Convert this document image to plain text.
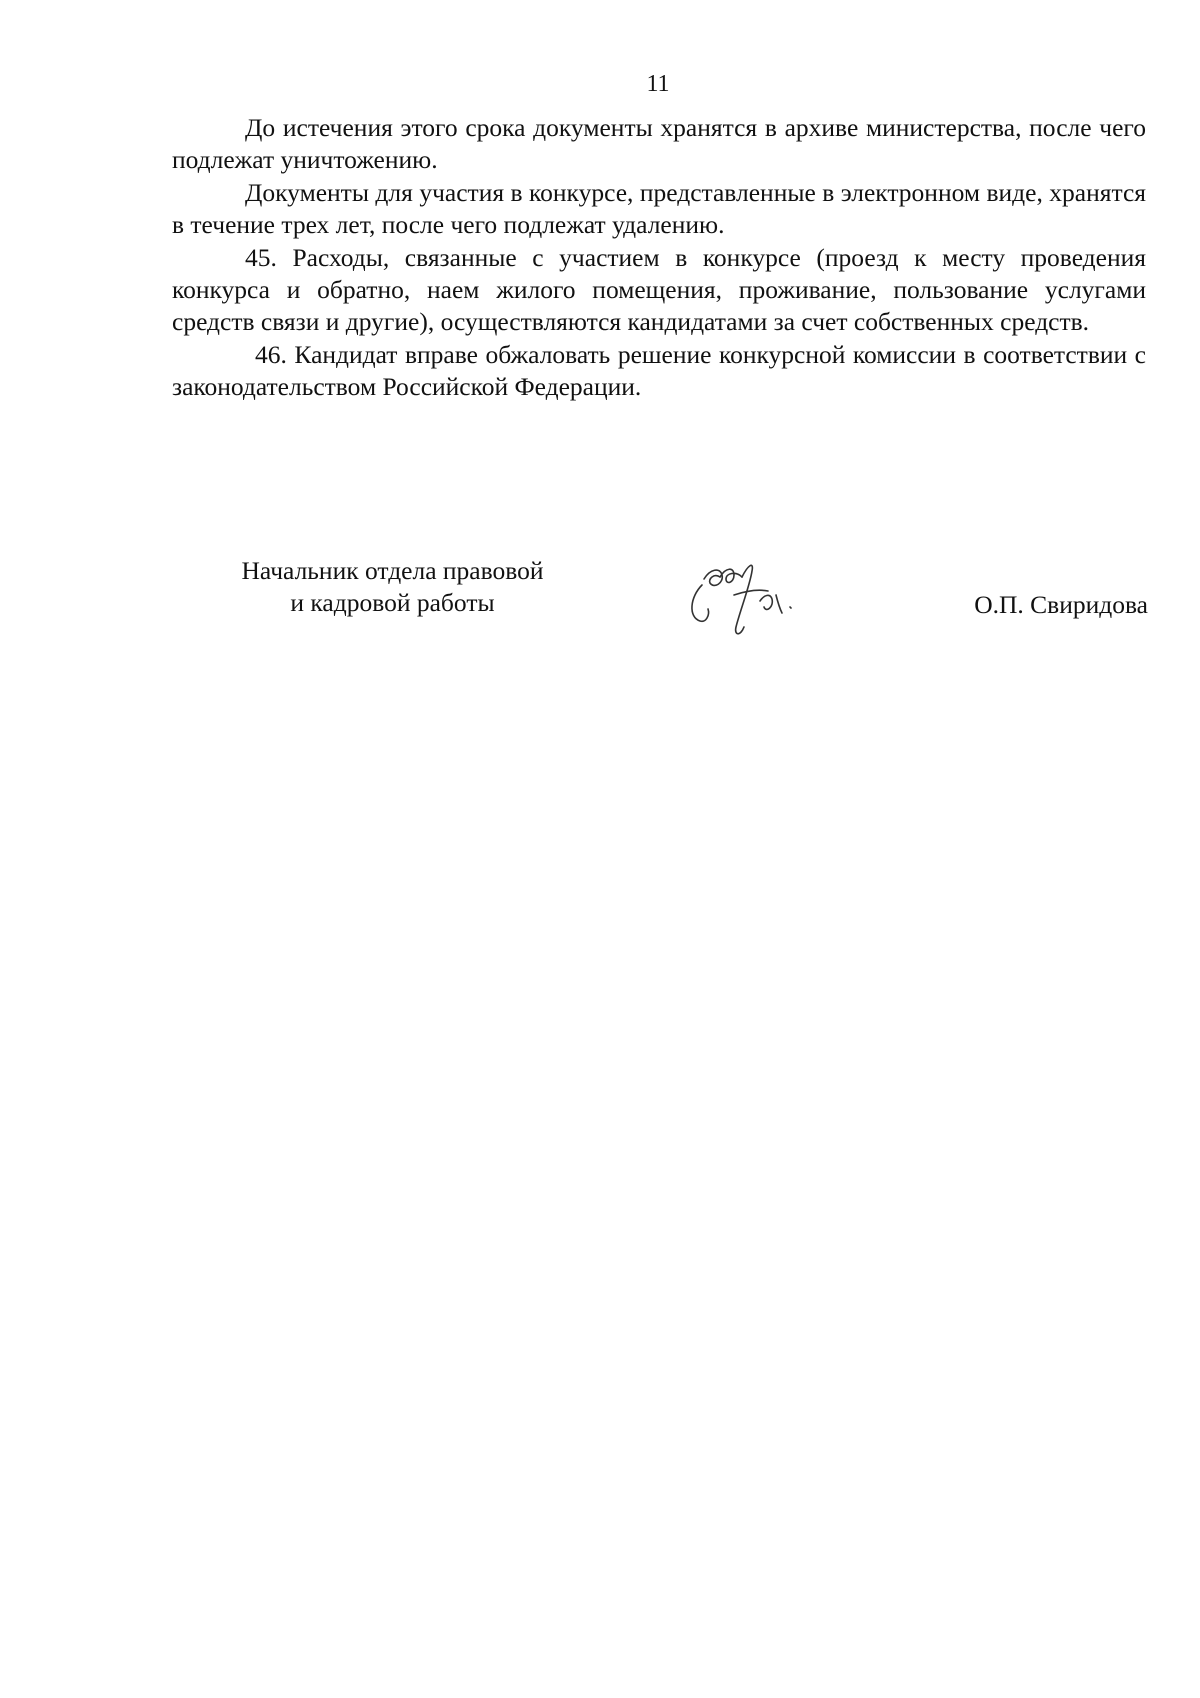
11

До истечения этого срока документы хранятся в архиве министерства, после чего подлежат уничтожению.

Документы для участия в конкурсе, представленные в электронном виде, хранятся в течение трех лет, после чего подлежат удалению.

45. Расходы, связанные с участием в конкурсе (проезд к месту проведения конкурса и обратно, наем жилого помещения, проживание, пользование услугами средств связи и другие), осуществляются кандидатами за счет собственных средств.

46. Кандидат вправе обжаловать решение конкурсной комиссии в соответствии с законодательством Российской Федерации.

Начальник отдела правовой
и кадровой работы	О.П. Свиридова
